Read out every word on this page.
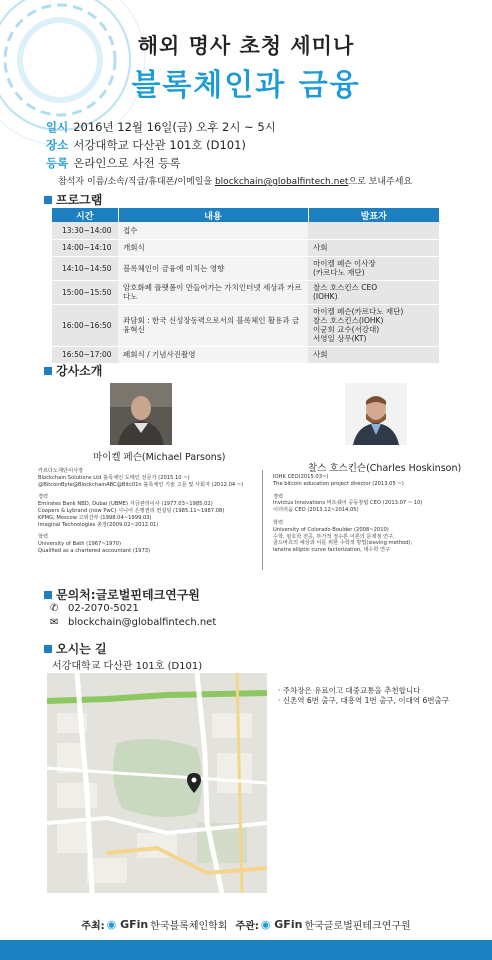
해외 명사 초청 세미나
블록체인과 금융
일시 2016년 12월 16일(금) 오후 2시 ~ 5시
장소 서강대학교 다산관 101호 (D101)
등록 온라인으로 사전 등록
참석자 이름/소속/직급/휴대폰/이메일을 blockchain@globalfintech.net으로 보내주세요
프로그램
시간	내용	발표자
13:30~14:00	접수	
14:00~14:10	개회식	사회
14:10~14:50	블록체인이 금융에 미치는 영향	마이켈 페슨 이사장
(카르다노 재단)
15:00~15:50	암호화폐 플랫폼이 만들어가는 가치인터넷 세상과 카르다노	찰스 호스킨스 CEO
(IOHK)
16:00~16:50	좌담회 : 한국 신성장동력으로서의 블록체인 활용과 금융혁신	마이켈 페슨(카르다노 재단)
찰스 호스킨스(IOHK)
이균희 교수(서강대)
서영일 상무(KT)
16:50~17:00	폐회식 / 기념사진촬영	사회
강사소개
마이켈 페슨(Michael Parsons)
카르다노재단이사장
Blockchain Solutions Ltd 블록체인 도메인 전문가 (2015.10 ~)
@BitcoinByte@BlockchainABC@Bitc01n 블록체인 기술 고문 및 사회자 (2012.04 ~)
경력
Emirates Bank NBD, Dubai (UBME) 자금관리이사 (1977.03~1985.02)
Coopers & Lybrand (now PwC) 시니어 은행권리 컨설팅 (1985.11~1987.08)
KPMG, Moscow 고위간부 (1998.04~1999.03)
Imaginal Technologies 총장(2009.02~2012.01)
학력
University of Bath (1967~1970)
Qualified as a chartered accountant (1973)
찰스 호스킨슨(Charles Hoskinson)
IOHK CEO(2015.03~)
The bitcoin education project director (2013.05 ~)
경력
Invictus Innovations 비트쉐어 공동창립 CEO (2013.07 ~ 10)
이더리움 CEO (2013.12~2014.05)
학력
University of Colorado Boulder (2008~2010)
수학, 암호학 전공, 부가적 정수론 이론의 문제점 연구,
골드바흐의 예상과 이를 위한 수학적 방법(sieving method),
lenstra elliptic curve factorization, 대수학 연구
문의처:글로벌핀테크연구원
✆ 02-2070-5021
✉ blockchain@globalfintech.net
오시는 길
서강대학교 다산관 101호 (D101)
· 주차장은 유료이고 대중교통을 추천합니다
· 신촌역 6번 출구, 대흥역 1번 출구, 이대역 6번출구
주최: ◉ GFin 한국블록체인학회 주관: ◉ GFin 한국글로벌핀테크연구원
